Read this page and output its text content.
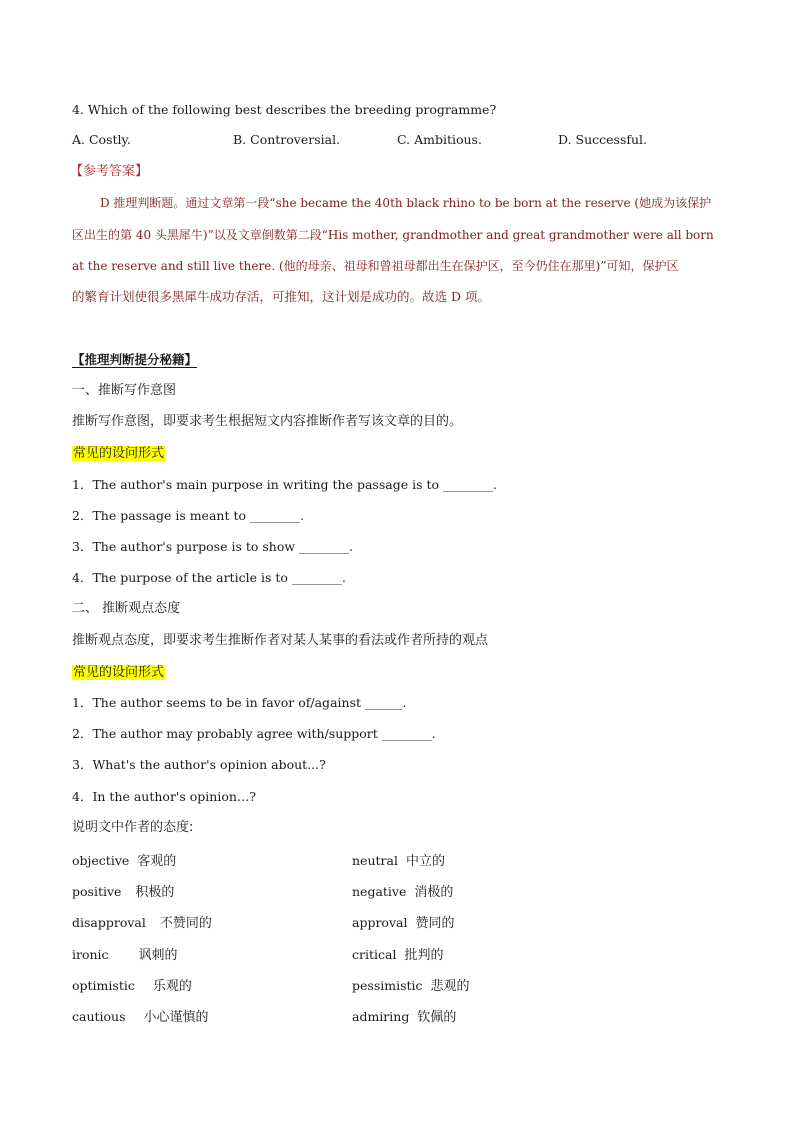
4. Which of the following best describes the breeding programme?
A. Costly.	B. Controversial.	C. Ambitious.	D. Successful.
【参考答案】
D 推理判断题。通过文章第一段“she became the 40th black rhino to be born at the reserve (她成为该保护
区出生的第 40 头黑犀牛)”以及文章倒数第二段“His mother, grandmother and great grandmother were all born
at the reserve and still live there. (他的母亲、祖母和曾祖母都出生在保护区，至今仍住在那里)”可知，保护区
的繁育计划使很多黑犀牛成功存活，可推知，这计划是成功的。故选 D 项。
【推理判断提分秘籍】
一、推断写作意图
推断写作意图，即要求考生根据短文内容推断作者写该文章的目的。
常见的设问形式
1．The author's main purpose in writing the passage is to ________.
2．The passage is meant to ________.
3．The author's purpose is to show ________.
4．The purpose of the article is to ________.
二、 推断观点态度
推断观点态度，即要求考生推断作者对某人某事的看法或作者所持的观点
常见的设问形式
1．The author seems to be in favor of/against ______.
2．The author may probably agree with/support ________.
3．What's the author's opinion about...?
4．In the author's opinion…?
说明文中作者的态度:
objective 客观的	neutral 中立的
positive 积极的	negative 消极的
disapproval 不赞同的	approval 赞同的
ironic 讽刺的	critical 批判的
optimistic 乐观的	pessimistic 悲观的
cautious 小心谨慎的	admiring 钦佩的
